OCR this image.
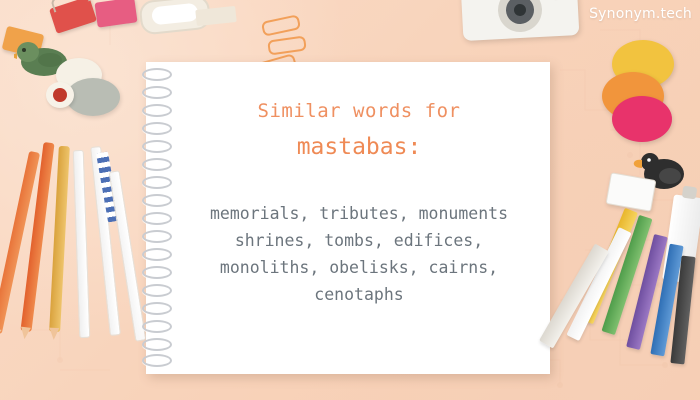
Similar words for

mastabas:

memorials, tributes, monuments
shrines, tombs, edifices,
monoliths, obelisks, cairns,
cenotaphs

Synonym.tech
